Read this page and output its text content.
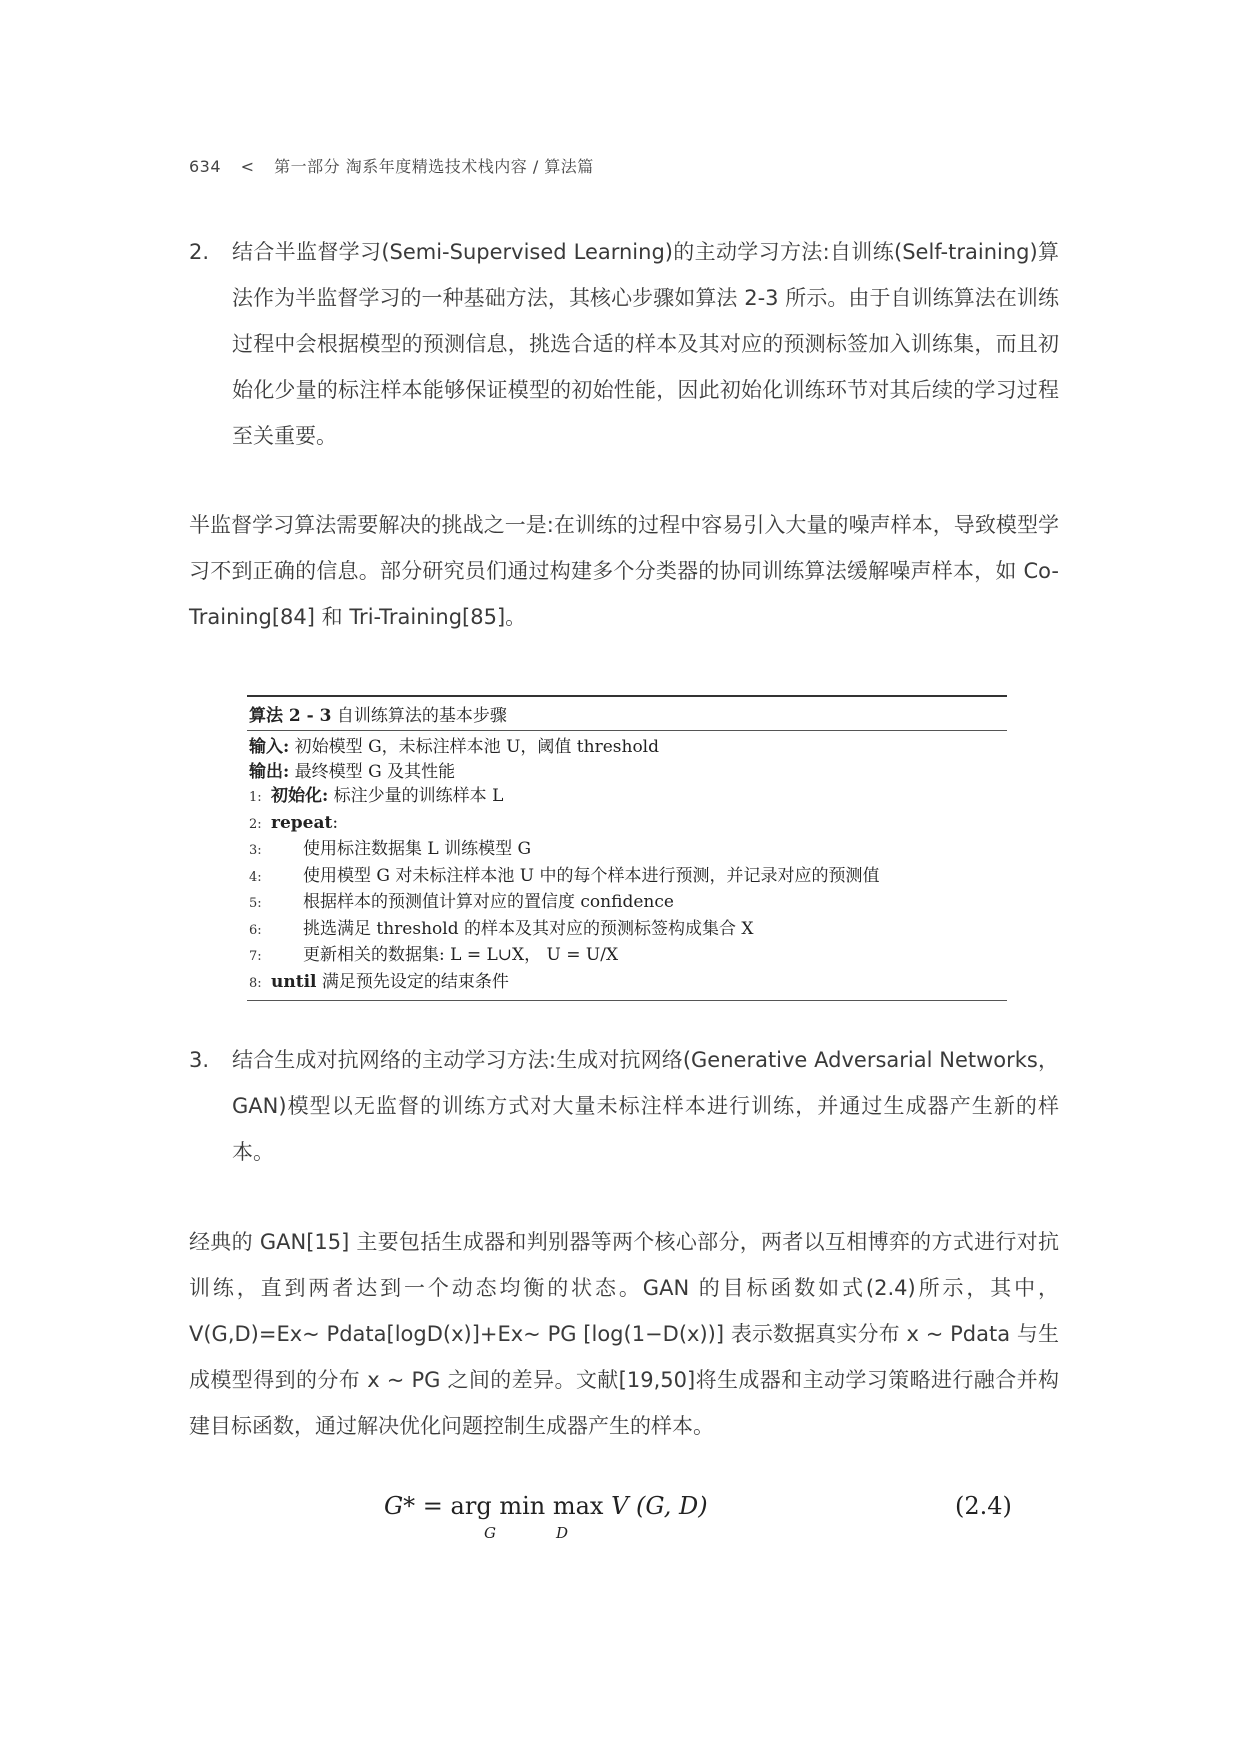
634 < 第一部分 淘系年度精选技术栈内容 / 算法篇
2.	结合半监督学习(Semi-Supervised Learning)的主动学习方法:自训练(Self-training)算法作为半监督学习的一种基础方法，其核心步骤如算法 2-3 所示。由于自训练算法在训练过程中会根据模型的预测信息，挑选合适的样本及其对应的预测标签加入训练集，而且初始化少量的标注样本能够保证模型的初始性能，因此初始化训练环节对其后续的学习过程至关重要。
半监督学习算法需要解决的挑战之一是:在训练的过程中容易引入大量的噪声样本，导致模型学习不到正确的信息。部分研究员们通过构建多个分类器的协同训练算法缓解噪声样本，如 Co-Training[84] 和 Tri-Training[85]。
算法 2 - 3 自训练算法的基本步骤
输入: 初始模型 G，未标注样本池 U，阈值 threshold
输出: 最终模型 G 及其性能
1: 初始化: 标注少量的训练样本 L
2: repeat:
3: 使用标注数据集 L 训练模型 G
4: 使用模型 G 对未标注样本池 U 中的每个样本进行预测，并记录对应的预测值
5: 根据样本的预测值计算对应的置信度 confidence
6: 挑选满足 threshold 的样本及其对应的预测标签构成集合 X
7: 更新相关的数据集: L = L∪X， U = U/X
8: until 满足预先设定的结束条件
3.	结合生成对抗网络的主动学习方法:生成对抗网络(Generative Adversarial Networks，GAN)模型以无监督的训练方式对大量未标注样本进行训练，并通过生成器产生新的样本。
经典的 GAN[15] 主要包括生成器和判别器等两个核心部分，两者以互相博弈的方式进行对抗训练，直到两者达到一个动态均衡的状态。GAN 的目标函数如式(2.4)所示，其中，V(G,D)=Ex~ Pdata[logD(x)]+Ex~ PG [log(1−D(x))] 表示数据真实分布 x ~ Pdata 与生成模型得到的分布 x ~ PG 之间的差异。文献[19,50]将生成器和主动学习策略进行融合并构建目标函数，通过解决优化问题控制生成器产生的样本。
G* = arg min max V (G, D)
G	D
(2.4)
